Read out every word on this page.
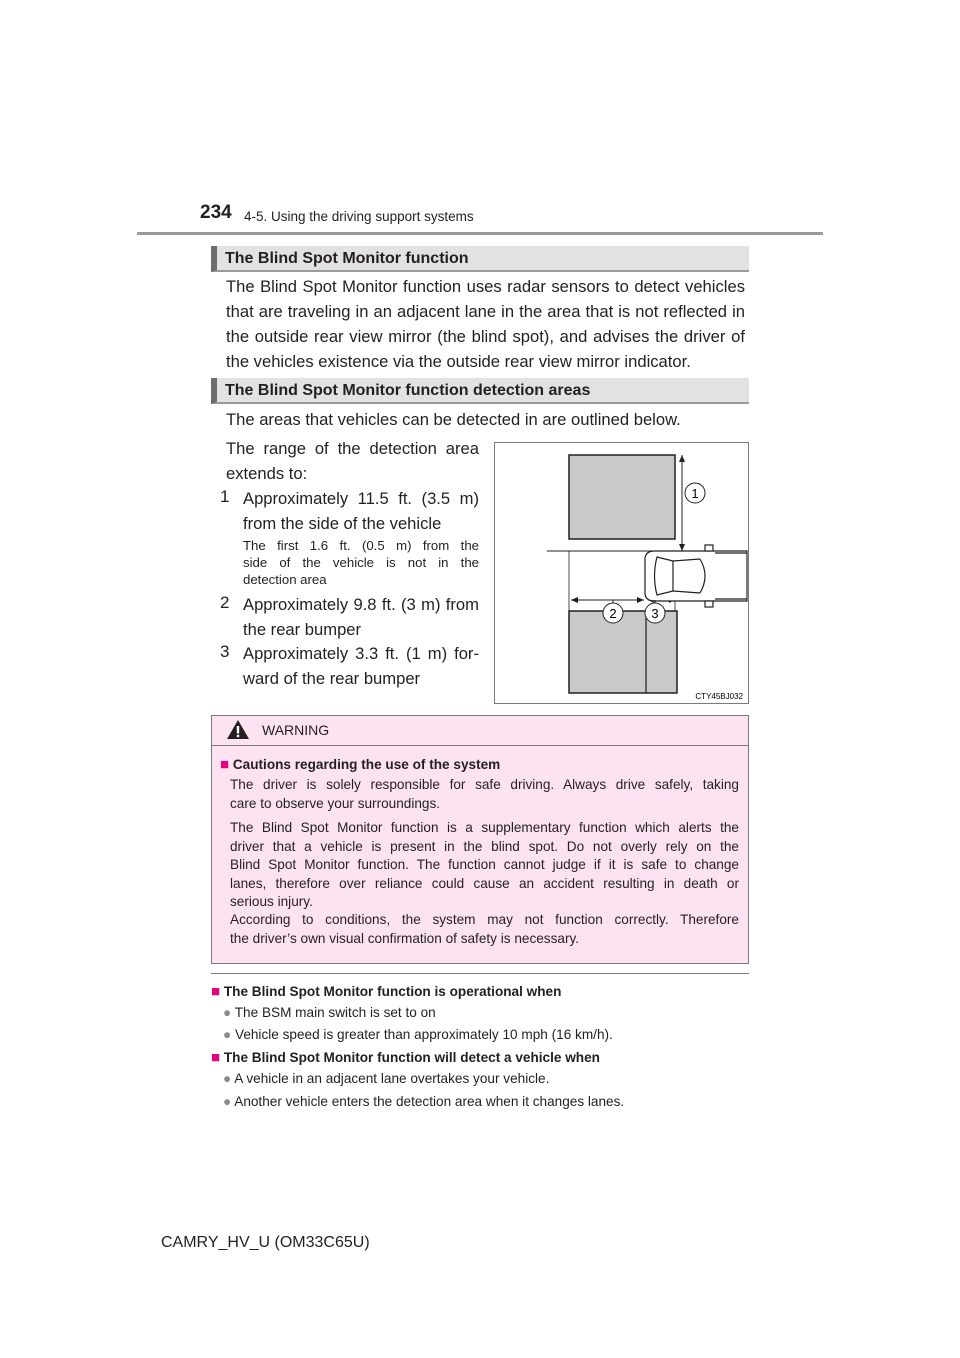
234 4-5. Using the driving support systems
The Blind Spot Monitor function
The Blind Spot Monitor function uses radar sensors to detect vehicles
that are traveling in an adjacent lane in the area that is not reflected in
the outside rear view mirror (the blind spot), and advises the driver of
the vehicles existence via the outside rear view mirror indicator.
The Blind Spot Monitor function detection areas
The areas that vehicles can be detected in are outlined below.
The range of the detection area
extends to:
1 Approximately 11.5 ft. (3.5 m)
from the side of the vehicle
The first 1.6 ft. (0.5 m) from the
side of the vehicle is not in the
detection area
2 Approximately 9.8 ft. (3 m) from
the rear bumper
3 Approximately 3.3 ft. (1 m) for-
ward of the rear bumper
1
2	3
CTY45BJ032
WARNING
■ Cautions regarding the use of the system
The driver is solely responsible for safe driving. Always drive safely, taking
care to observe your surroundings.
The Blind Spot Monitor function is a supplementary function which alerts the
driver that a vehicle is present in the blind spot. Do not overly rely on the
Blind Spot Monitor function. The function cannot judge if it is safe to change
lanes, therefore over reliance could cause an accident resulting in death or
serious injury.
According to conditions, the system may not function correctly. Therefore
the driver’s own visual confirmation of safety is necessary.
■ The Blind Spot Monitor function is operational when
● The BSM main switch is set to on
● Vehicle speed is greater than approximately 10 mph (16 km/h).
■ The Blind Spot Monitor function will detect a vehicle when
● A vehicle in an adjacent lane overtakes your vehicle.
● Another vehicle enters the detection area when it changes lanes.
CAMRY_HV_U (OM33C65U)
